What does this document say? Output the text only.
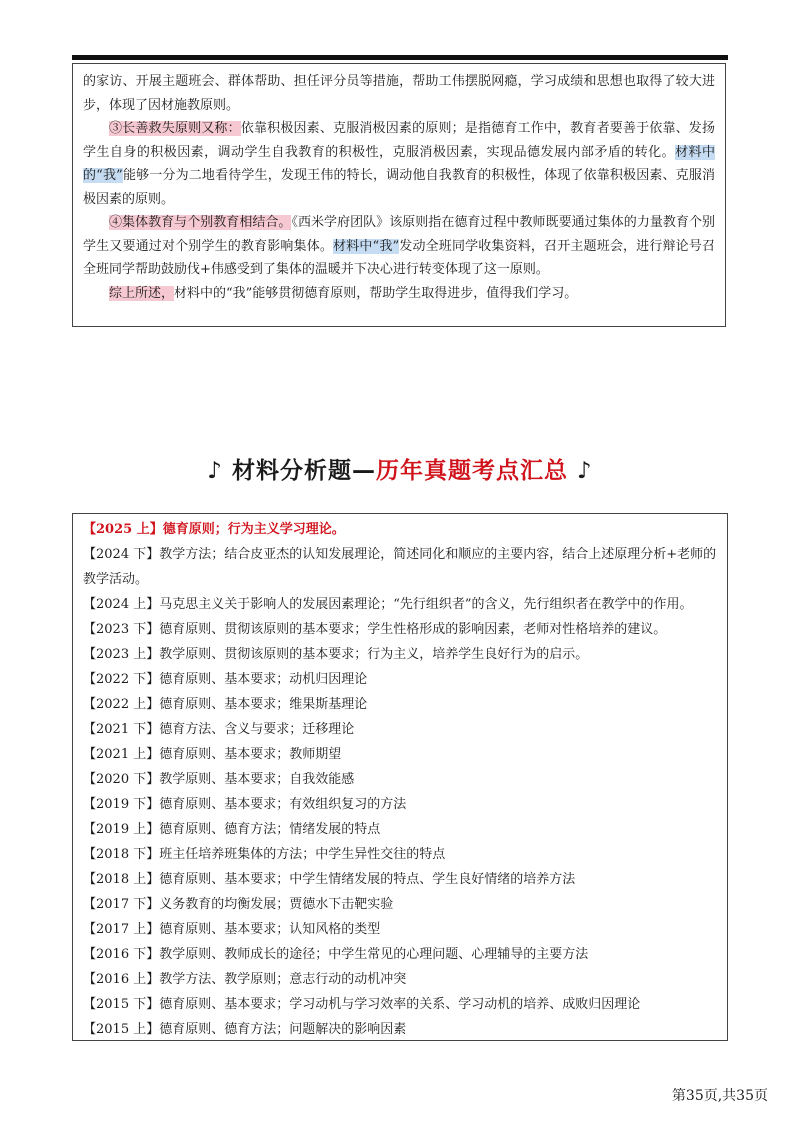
的家访、开展主题班会、群体帮助、担任评分员等措施，帮助工伟摆脱网瘾，学习成绩和思想也取得了较大进步，体现了因材施教原则。

③长善救失原则又称：依靠积极因素、克服消极因素的原则；是指德育工作中，教育者要善于依靠、发扬学生自身的积极因素，调动学生自我教育的积极性，克服消极因素，实现品德发展内部矛盾的转化。材料中的“我”能够一分为二地看待学生，发现王伟的特长，调动他自我教育的积极性，体现了依靠积极因素、克服消极因素的原则。

④集体教育与个别教育相结合。《西米学府团队》该原则指在德育过程中教师既要通过集体的力量教育个别学生又要通过对个别学生的教育影响集体。材料中“我”发动全班同学收集资料，召开主题班会，进行辩论号召全班同学帮助鼓励伐+伟感受到了集体的温暖并下决心进行转变体现了这一原则。

综上所述，材料中的“我”能够贯彻德育原则，帮助学生取得进步，值得我们学习。

♪ 材料分析题—历年真题考点汇总 ♪

【2025 上】德育原则；行为主义学习理论。

【2024 下】教学方法；结合皮亚杰的认知发展理论，简述同化和顺应的主要内容，结合上述原理分析+老师的教学活动。

【2024 上】马克思主义关于影响人的发展因素理论；“先行组织者”的含义，先行组织者在教学中的作用。

【2023 下】德育原则、贯彻该原则的基本要求；学生性格形成的影响因素，老师对性格培养的建议。

【2023 上】教学原则、贯彻该原则的基本要求；行为主义，培养学生良好行为的启示。

【2022 下】德育原则、基本要求；动机归因理论

【2022 上】德育原则、基本要求；维果斯基理论

【2021 下】德育方法、含义与要求；迁移理论

【2021 上】德育原则、基本要求；教师期望

【2020 下】教学原则、基本要求；自我效能感

【2019 下】德育原则、基本要求；有效组织复习的方法

【2019 上】德育原则、德育方法；情绪发展的特点

【2018 下】班主任培养班集体的方法；中学生异性交往的特点

【2018 上】德育原则、基本要求；中学生情绪发展的特点、学生良好情绪的培养方法

【2017 下】义务教育的均衡发展；贾德水下击靶实验

【2017 上】德育原则、基本要求；认知风格的类型

【2016 下】教学原则、教师成长的途径；中学生常见的心理问题、心理辅导的主要方法

【2016 上】教学方法、教学原则；意志行动的动机冲突

【2015 下】德育原则、基本要求；学习动机与学习效率的关系、学习动机的培养、成败归因理论

【2015 上】德育原则、德育方法；问题解决的影响因素

第35页,共35页
